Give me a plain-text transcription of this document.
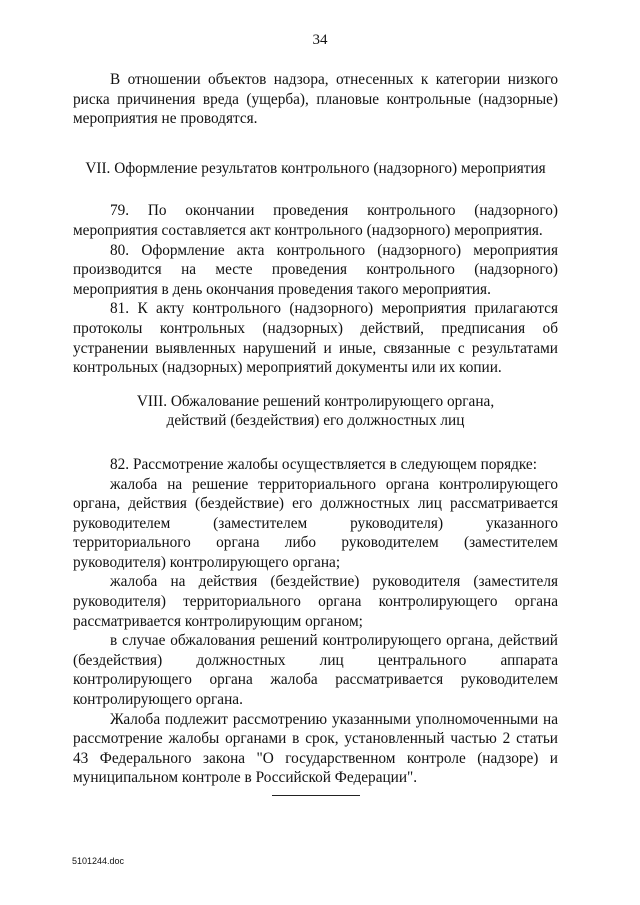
34

В отношении объектов надзора, отнесенных к категории низкого риска причинения вреда (ущерба), плановые контрольные (надзорные) мероприятия не проводятся.

VII. Оформление результатов контрольного (надзорного) мероприятия

79. По окончании проведения контрольного (надзорного) мероприятия составляется акт контрольного (надзорного) мероприятия.

80. Оформление акта контрольного (надзорного) мероприятия производится на месте проведения контрольного (надзорного) мероприятия в день окончания проведения такого мероприятия.

81. К акту контрольного (надзорного) мероприятия прилагаются протоколы контрольных (надзорных) действий, предписания об устранении выявленных нарушений и иные, связанные с результатами контрольных (надзорных) мероприятий документы или их копии.

VIII. Обжалование решений контролирующего органа,
действий (бездействия) его должностных лиц

82. Рассмотрение жалобы осуществляется в следующем порядке:

жалоба на решение территориального органа контролирующего органа, действия (бездействие) его должностных лиц рассматривается руководителем (заместителем руководителя) указанного территориального органа либо руководителем (заместителем руководителя) контролирующего органа;

жалоба на действия (бездействие) руководителя (заместителя руководителя) территориального органа контролирующего органа рассматривается контролирующим органом;

в случае обжалования решений контролирующего органа, действий (бездействия) должностных лиц центрального аппарата контролирующего органа жалоба рассматривается руководителем контролирующего органа.

Жалоба подлежит рассмотрению указанными уполномоченными на рассмотрение жалобы органами в срок, установленный частью 2 статьи 43 Федерального закона "О государственном контроле (надзоре) и муниципальном контроле в Российской Федерации".

5101244.doc
